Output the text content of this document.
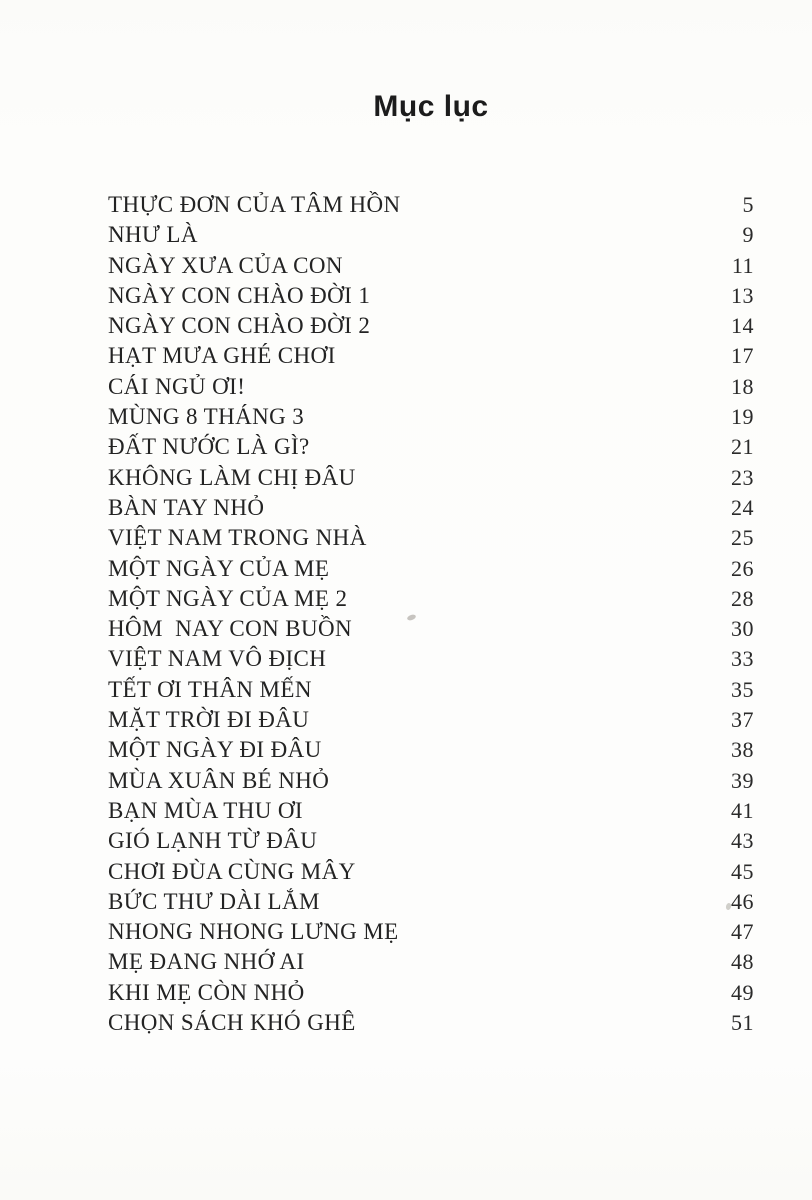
Mục lục
THỰC ĐƠN CỦA TÂM HỒN	5
NHƯ LÀ	9
NGÀY XƯA CỦA CON	11
NGÀY CON CHÀO ĐỜI 1	13
NGÀY CON CHÀO ĐỜI 2	14
HẠT MƯA GHÉ CHƠI	17
CÁI NGỦ ƠI!	18
MÙNG 8 THÁNG 3	19
ĐẤT NƯỚC LÀ GÌ?	21
KHÔNG LÀM CHỊ ĐÂU	23
BÀN TAY NHỎ	24
VIỆT NAM TRONG NHÀ	25
MỘT NGÀY CỦA MẸ	26
MỘT NGÀY CỦA MẸ 2	28
HÔM  NAY CON BUỒN	30
VIỆT NAM VÔ ĐỊCH	33
TẾT ƠI THÂN MẾN	35
MẶT TRỜI ĐI ĐÂU	37
MỘT NGÀY ĐI ĐÂU	38
MÙA XUÂN BÉ NHỎ	39
BẠN MÙA THU ƠI	41
GIÓ LẠNH TỪ ĐÂU	43
CHƠI ĐÙA CÙNG MÂY	45
BỨC THƯ DÀI LẮM	46
NHONG NHONG LƯNG MẸ	47
MẸ ĐANG NHỚ AI	48
KHI MẸ CÒN NHỎ	49
CHỌN SÁCH KHÓ GHÊ	51
